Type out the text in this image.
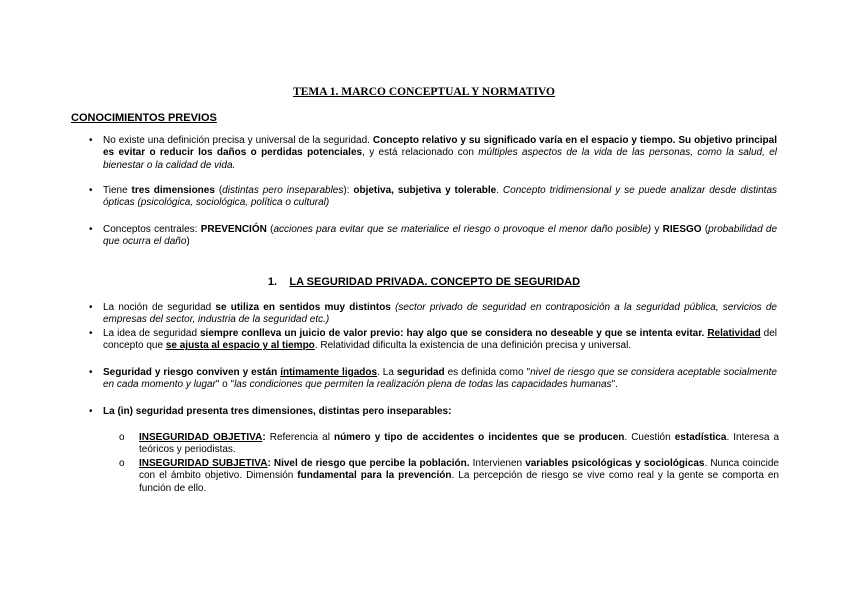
TEMA 1. MARCO CONCEPTUAL Y NORMATIVO
CONOCIMIENTOS PREVIOS
• No existe una definición precisa y universal de la seguridad. Concepto relativo y su significado varía en el espacio y tiempo. Su objetivo principal es evitar o reducir los daños o perdidas potenciales, y está relacionado con múltiples aspectos de la vida de las personas, como la salud, el bienestar o la calidad de vida.
• Tiene tres dimensiones (distintas pero inseparables): objetiva, subjetiva y tolerable. Concepto tridimensional y se puede analizar desde distintas ópticas (psicológica, sociológica, política o cultural)
• Conceptos centrales: PREVENCIÓN (acciones para evitar que se materialice el riesgo o provoque el menor daño posible) y RIESGO (probabilidad de que ocurra el daño)
1. LA SEGURIDAD PRIVADA. CONCEPTO DE SEGURIDAD
• La noción de seguridad se utiliza en sentidos muy distintos (sector privado de seguridad en contraposición a la seguridad pública, servicios de empresas del sector, industria de la seguridad etc.)
• La idea de seguridad siempre conlleva un juicio de valor previo: hay algo que se considera no deseable y que se intenta evitar. Relatividad del concepto que se ajusta al espacio y al tiempo. Relatividad dificulta la existencia de una definición precisa y universal.
• Seguridad y riesgo conviven y están íntimamente ligados. La seguridad es definida como "nivel de riesgo que se considera aceptable socialmente en cada momento y lugar" o "las condiciones que permiten la realización plena de todas las capacidades humanas".
• La (in) seguridad presenta tres dimensiones, distintas pero inseparables:
o INSEGURIDAD OBJETIVA: Referencia al número y tipo de accidentes o incidentes que se producen. Cuestión estadística. Interesa a teóricos y periodistas.
o INSEGURIDAD SUBJETIVA: Nivel de riesgo que percibe la población. Intervienen variables psicológicas y sociológicas. Nunca coincide con el ámbito objetivo. Dimensión fundamental para la prevención. La percepción de riesgo se vive como real y la gente se comporta en función de ello.
